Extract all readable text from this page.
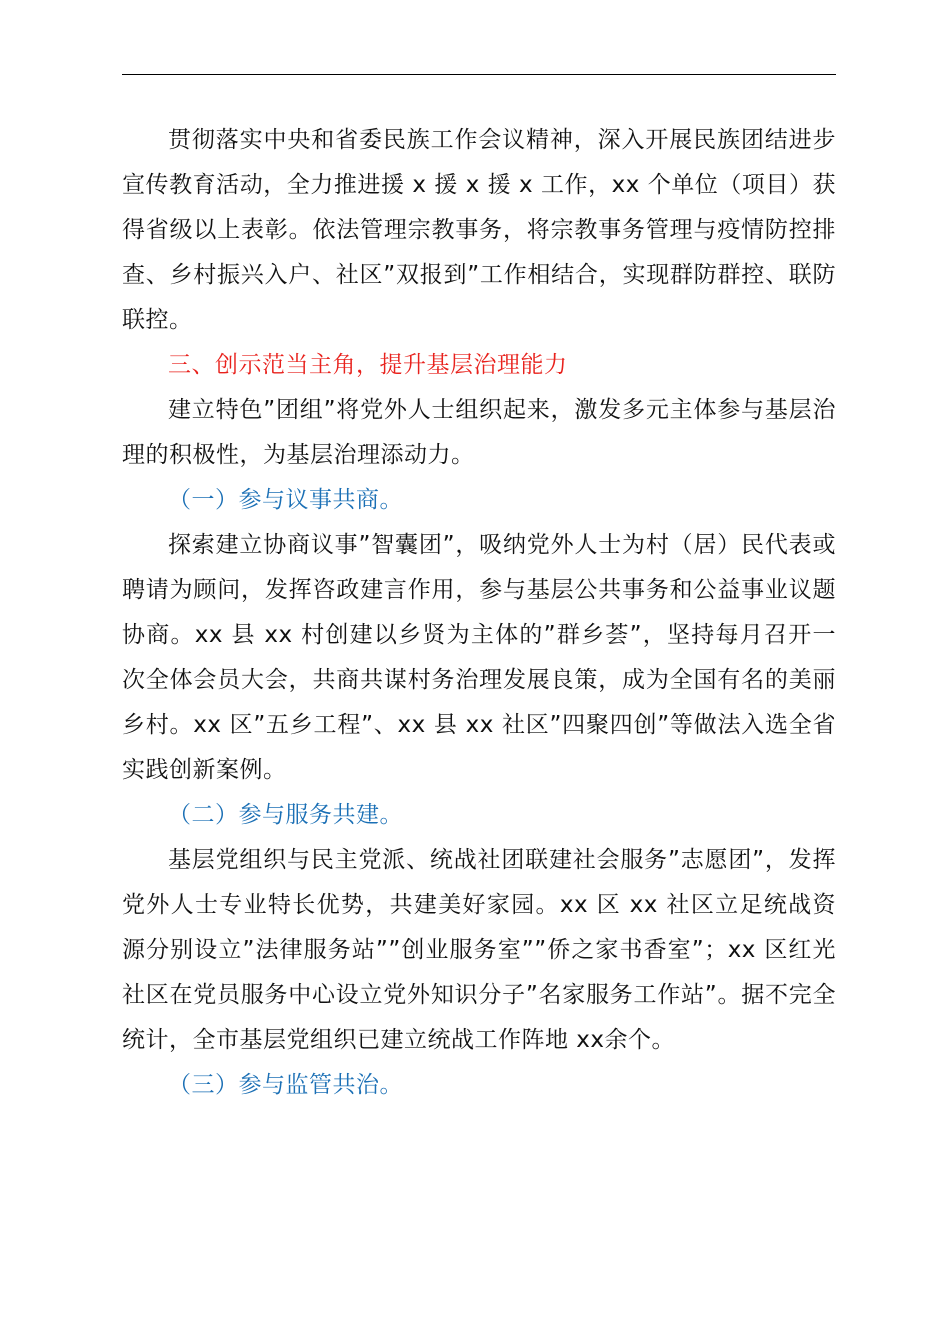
贯彻落实中央和省委民族工作会议精神，深入开展民族团结进步宣传教育活动，全力推进援 x 援 x 援 x 工作，xx 个单位（项目）获得省级以上表彰。依法管理宗教事务，将宗教事务管理与疫情防控排查、乡村振兴入户、社区”双报到”工作相结合，实现群防群控、联防联控。

三、创示范当主角，提升基层治理能力

建立特色”团组”将党外人士组织起来，激发多元主体参与基层治理的积极性，为基层治理添动力。

（一）参与议事共商。

探索建立协商议事”智囊团”，吸纳党外人士为村（居）民代表或聘请为顾问，发挥咨政建言作用，参与基层公共事务和公益事业议题协商。xx 县 xx 村创建以乡贤为主体的”群乡荟”，坚持每月召开一次全体会员大会，共商共谋村务治理发展良策，成为全国有名的美丽乡村。xx 区”五乡工程”、xx 县 xx 社区”四聚四创”等做法入选全省实践创新案例。

（二）参与服务共建。

基层党组织与民主党派、统战社团联建社会服务”志愿团”，发挥党外人士专业特长优势，共建美好家园。xx 区 xx 社区立足统战资源分别设立”法律服务站””创业服务室””侨之家书香室”；xx 区红光社区在党员服务中心设立党外知识分子”名家服务工作站”。据不完全统计，全市基层党组织已建立统战工作阵地 xx余个。

（三）参与监管共治。
